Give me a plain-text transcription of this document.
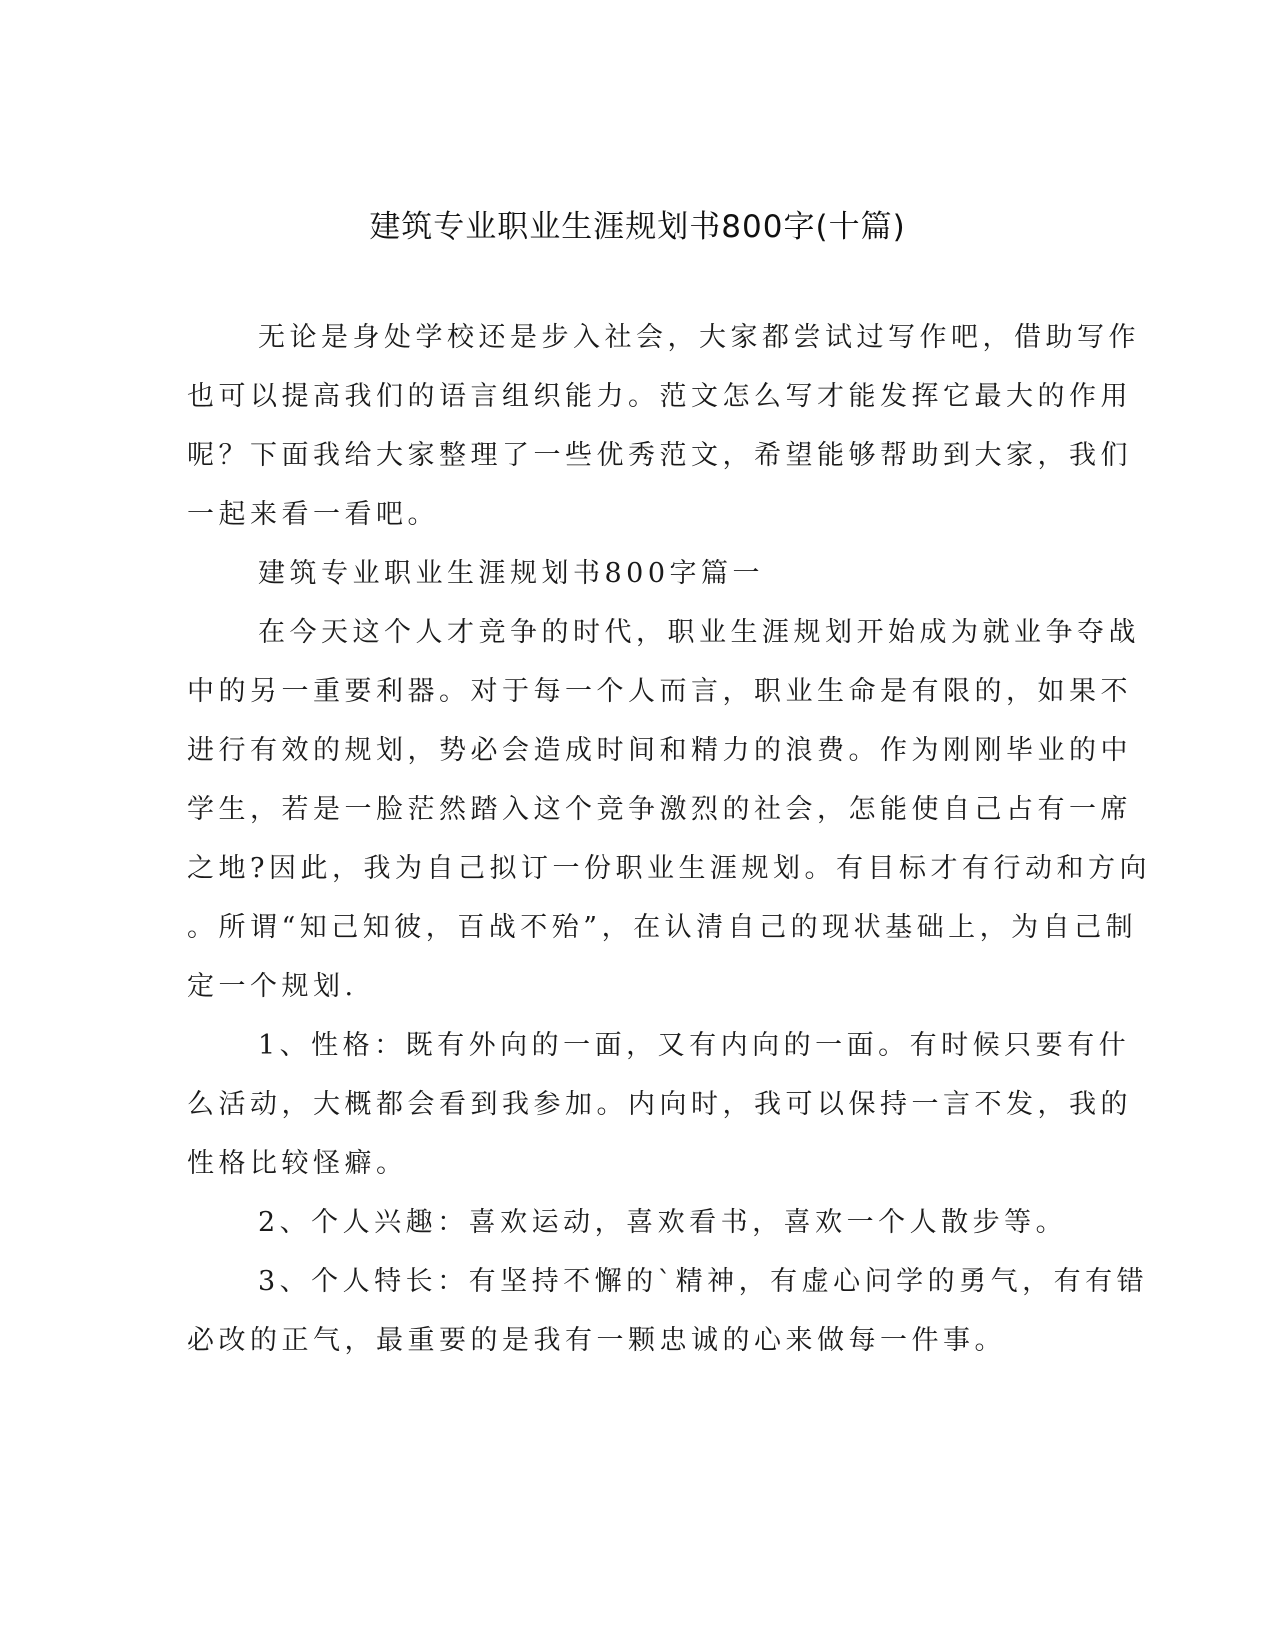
建筑专业职业生涯规划书800字(十篇)
无论是身处学校还是步入社会，大家都尝试过写作吧，借助写作
也可以提高我们的语言组织能力。范文怎么写才能发挥它最大的作用
呢？下面我给大家整理了一些优秀范文，希望能够帮助到大家，我们
一起来看一看吧。
建筑专业职业生涯规划书800字篇一
在今天这个人才竞争的时代，职业生涯规划开始成为就业争夺战
中的另一重要利器。对于每一个人而言，职业生命是有限的，如果不
进行有效的规划，势必会造成时间和精力的浪费。作为刚刚毕业的中
学生，若是一脸茫然踏入这个竞争激烈的社会，怎能使自己占有一席
之地?因此，我为自己拟订一份职业生涯规划。有目标才有行动和方向
。所谓“知己知彼，百战不殆”，在认清自己的现状基础上，为自己制
定一个规划.
1、性格：既有外向的一面，又有内向的一面。有时候只要有什
么活动，大概都会看到我参加。内向时，我可以保持一言不发，我的
性格比较怪癖。
2、个人兴趣：喜欢运动，喜欢看书，喜欢一个人散步等。
3、个人特长：有坚持不懈的`精神，有虚心问学的勇气，有有错
必改的正气，最重要的是我有一颗忠诚的心来做每一件事。
